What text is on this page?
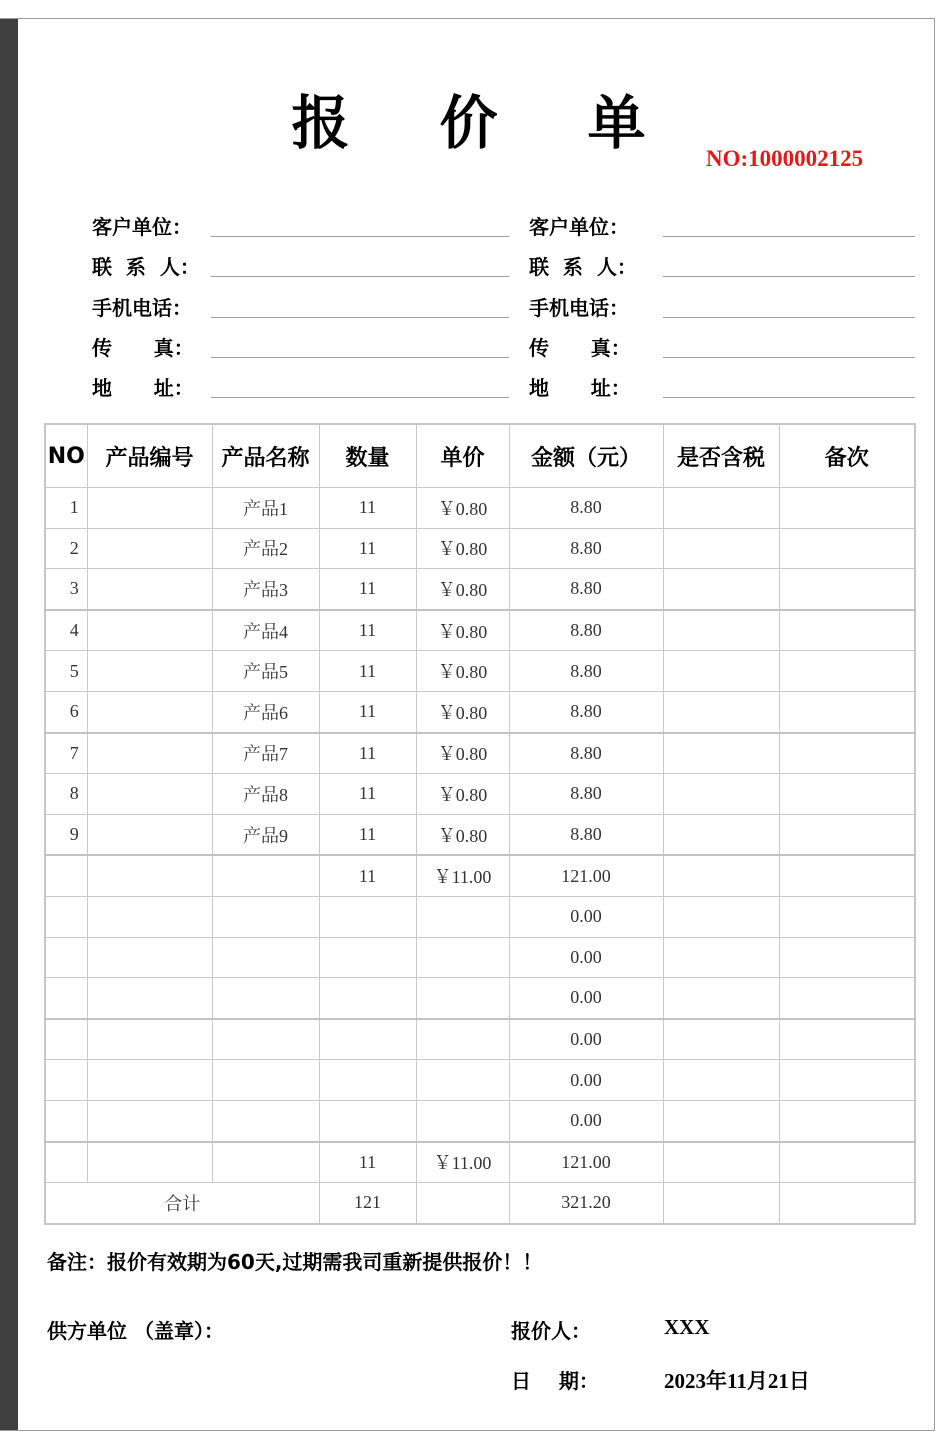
报 价 单
NO:1000002125
客户单位：
联  系  人：
手机电话：
传      真：
地      址：
客户单位：
联  系  人：
手机电话：
传      真：
地      址：
NO	产品编号	产品名称	数量	单价	金额（元）	是否含税	备次
1		产品1	11	￥0.80	8.80		
2		产品2	11	￥0.80	8.80		
3		产品3	11	￥0.80	8.80		
4		产品4	11	￥0.80	8.80		
5		产品5	11	￥0.80	8.80		
6		产品6	11	￥0.80	8.80		
7		产品7	11	￥0.80	8.80		
8		产品8	11	￥0.80	8.80		
9		产品9	11	￥0.80	8.80		
			11	￥11.00	121.00		
					0.00		
					0.00		
					0.00		
					0.00		
					0.00		
					0.00		
			11	￥11.00	121.00		
合计			121		321.20		
备注：报价有效期为60天,过期需我司重新提供报价！！
供方单位 （盖章）：	报价人：	XXX
日    期：	2023年11月21日
